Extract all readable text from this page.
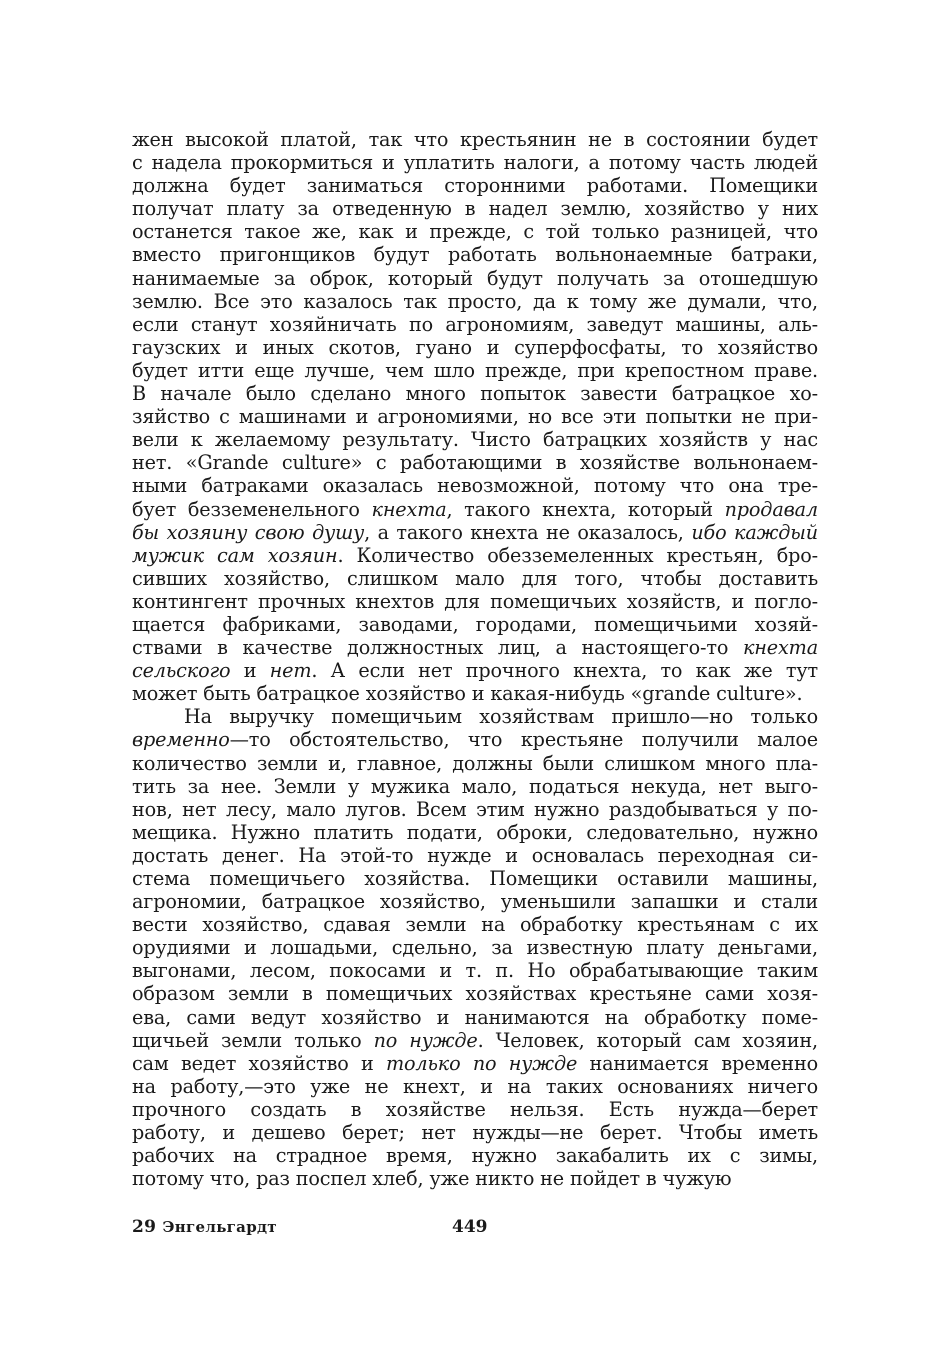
жен высокой платой, так что крестьянин не в состоянии будет

с надела прокормиться и уплатить налоги, а потому часть людей

должна будет заниматься сторонними работами. Помещики

получат плату за отведенную в надел землю, хозяйство у них

останется такое же, как и прежде, с той только разницей, что

вместо пригонщиков будут работать вольнонаемные батраки,

нанимаемые за оброк, который будут получать за отошедшую

землю. Все это казалось так просто, да к тому же думали, что,

если станут хозяйничать по агрономиям, заведут машины, аль-

гаузских и иных скотов, гуано и суперфосфаты, то хозяйство

будет итти еще лучше, чем шло прежде, при крепостном праве.

В начале было сделано много попыток завести батрацкое хо-

зяйство с машинами и агрономиями, но все эти попытки не при-

вели к желаемому результату. Чисто батрацких хозяйств у нас

нет. «Grande culture» с работающими в хозяйстве вольнонаем-

ными батраками оказалась невозможной, потому что она тре-

бует безземенельного кнехта, такого кнехта, который продавал

бы хозяину свою душу, а такого кнехта не оказалось, ибо каждый

мужик сам хозяин. Количество обезземеленных крестьян, бро-

сивших хозяйство, слишком мало для того, чтобы доставить

контингент прочных кнехтов для помещичьих хозяйств, и погло-

щается фабриками, заводами, городами, помещичьими хозяй-

ствами в качестве должностных лиц, а настоящего-то кнехта

сельского и нет. А если нет прочного кнехта, то как же тут

может быть батрацкое хозяйство и какая-нибудь «grande culture».

На выручку помещичьим хозяйствам пришло—но только

временно—то обстоятельство, что крестьяне получили малое

количество земли и, главное, должны были слишком много пла-

тить за нее. Земли у мужика мало, податься некуда, нет выго-

нов, нет лесу, мало лугов. Всем этим нужно раздобываться у по-

мещика. Нужно платить подати, оброки, следовательно, нужно

достать денег. На этой-то нужде и основалась переходная си-

стема помещичьего хозяйства. Помещики оставили машины,

агрономии, батрацкое хозяйство, уменьшили запашки и стали

вести хозяйство, сдавая земли на обработку крестьянам с их

орудиями и лошадьми, сдельно, за известную плату деньгами,

выгонами, лесом, покосами и т. п. Но обрабатывающие таким

образом земли в помещичьих хозяйствах крестьяне сами хозя-

ева, сами ведут хозяйство и нанимаются на обработку поме-

щичьей земли только по нужде. Человек, который сам хозяин,

сам ведет хозяйство и только по нужде нанимается временно

на работу,—это уже не кнехт, и на таких основаниях ничего

прочного создать в хозяйстве нельзя. Есть нужда—берет

работу, и дешево берет; нет нужды—не берет. Чтобы иметь

рабочих на страдное время, нужно закабалить их с зимы,

потому что, раз поспел хлеб, уже никто не пойдет в чужую

29 Энгельгардт	449
